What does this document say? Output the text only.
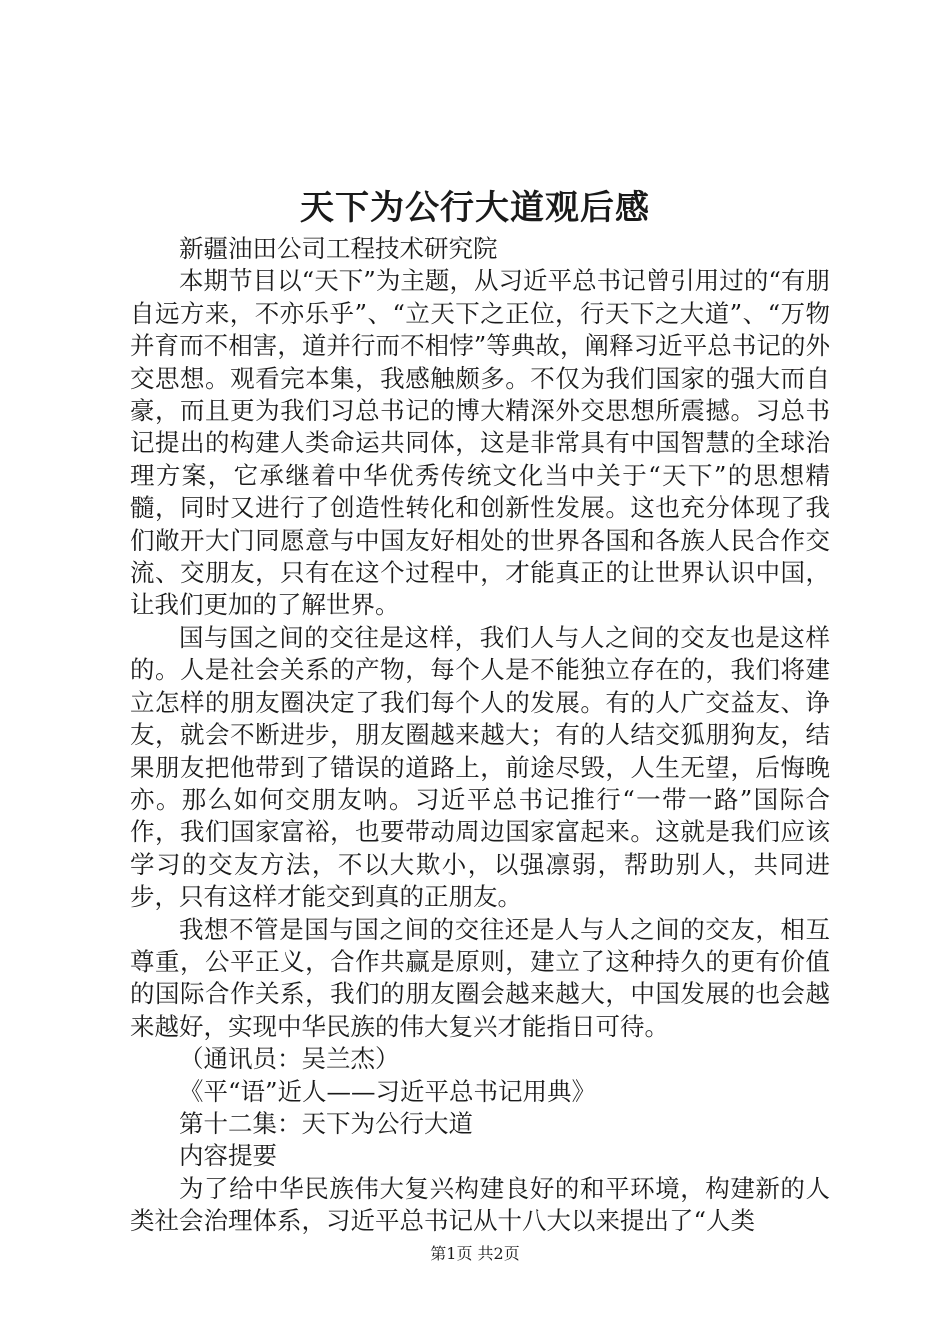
天下为公行大道观后感

新疆油田公司工程技术研究院

本期节目以“天下”为主题，从习近平总书记曾引用过的“有朋自远方来，不亦乐乎”、“立天下之正位，行天下之大道”、“万物并育而不相害，道并行而不相悖”等典故，阐释习近平总书记的外交思想。观看完本集，我感触颇多。不仅为我们国家的强大而自豪，而且更为我们习总书记的博大精深外交思想所震撼。习总书记提出的构建人类命运共同体，这是非常具有中国智慧的全球治理方案，它承继着中华优秀传统文化当中关于“天下”的思想精髓，同时又进行了创造性转化和创新性发展。这也充分体现了我们敞开大门同愿意与中国友好相处的世界各国和各族人民合作交流、交朋友，只有在这个过程中，才能真正的让世界认识中国，让我们更加的了解世界。

国与国之间的交往是这样，我们人与人之间的交友也是这样的。人是社会关系的产物，每个人是不能独立存在的，我们将建立怎样的朋友圈决定了我们每个人的发展。有的人广交益友、诤友，就会不断进步，朋友圈越来越大；有的人结交狐朋狗友，结果朋友把他带到了错误的道路上，前途尽毁，人生无望，后悔晚亦。那么如何交朋友呐。习近平总书记推行“一带一路”国际合作，我们国家富裕，也要带动周边国家富起来。这就是我们应该学习的交友方法，不以大欺小，以强凛弱，帮助别人，共同进步，只有这样才能交到真的正朋友。

我想不管是国与国之间的交往还是人与人之间的交友，相互尊重，公平正义，合作共赢是原则，建立了这种持久的更有价值的国际合作关系，我们的朋友圈会越来越大，中国发展的也会越来越好，实现中华民族的伟大复兴才能指日可待。

（通讯员：吴兰杰）

《平“语”近人——习近平总书记用典》

第十二集：天下为公行大道

内容提要

为了给中华民族伟大复兴构建良好的和平环境，构建新的人类社会治理体系，习近平总书记从十八大以来提出了“人类

第1页 共2页
